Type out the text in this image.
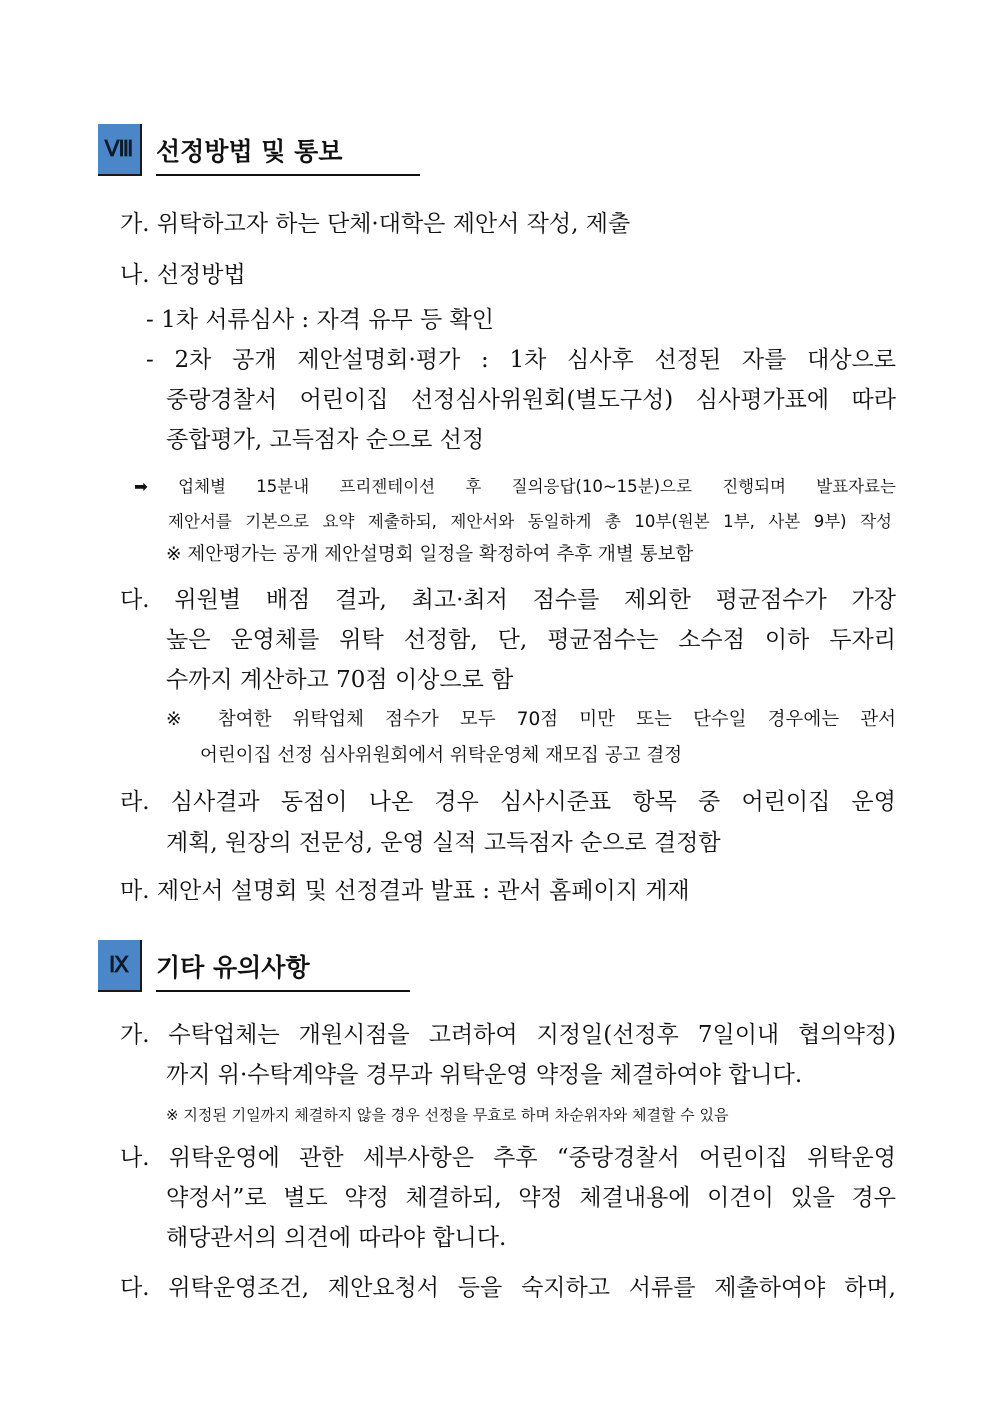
Ⅷ 선정방법 및 통보
가. 위탁하고자 하는 단체·대학은 제안서 작성, 제출
나. 선정방법
- 1차 서류심사 : 자격 유무 등 확인
- 2차 공개 제안설명회·평가 : 1차 심사후 선정된 자를 대상으로
중랑경찰서 어린이집 선정심사위원회(별도구성) 심사평가표에 따라
종합평가, 고득점자 순으로 선정
➡ 업체별 15분내 프리젠테이션 후 질의응답(10~15분)으로 진행되며 발표자료는
제안서를 기본으로 요약 제출하되, 제안서와 동일하게 총 10부(원본 1부, 사본 9부) 작성
※ 제안평가는 공개 제안설명회 일정을 확정하여 추후 개별 통보함
다. 위원별 배점 결과, 최고·최저 점수를 제외한 평균점수가 가장
높은 운영체를 위탁 선정함, 단, 평균점수는 소수점 이하 두자리
수까지 계산하고 70점 이상으로 함
※ 참여한 위탁업체 점수가 모두 70점 미만 또는 단수일 경우에는 관서
어린이집 선정 심사위원회에서 위탁운영체 재모집 공고 결정
라. 심사결과 동점이 나온 경우 심사시준표 항목 중 어린이집 운영
계획, 원장의 전문성, 운영 실적 고득점자 순으로 결정함
마. 제안서 설명회 및 선정결과 발표 : 관서 홈페이지 게재
Ⅸ	기타 유의사항
가. 수탁업체는 개원시점을 고려하여 지정일(선정후 7일이내 협의약정)
까지 위·수탁계약을 경무과 위탁운영 약정을 체결하여야 합니다.
※ 지정된 기일까지 체결하지 않을 경우 선정을 무효로 하며 차순위자와 체결할 수 있음
나. 위탁운영에 관한 세부사항은 추후 “중랑경찰서 어린이집 위탁운영
약정서”로 별도 약정 체결하되, 약정 체결내용에 이견이 있을 경우
해당관서의 의견에 따라야 합니다.
다. 위탁운영조건, 제안요청서 등을 숙지하고 서류를 제출하여야 하며,
